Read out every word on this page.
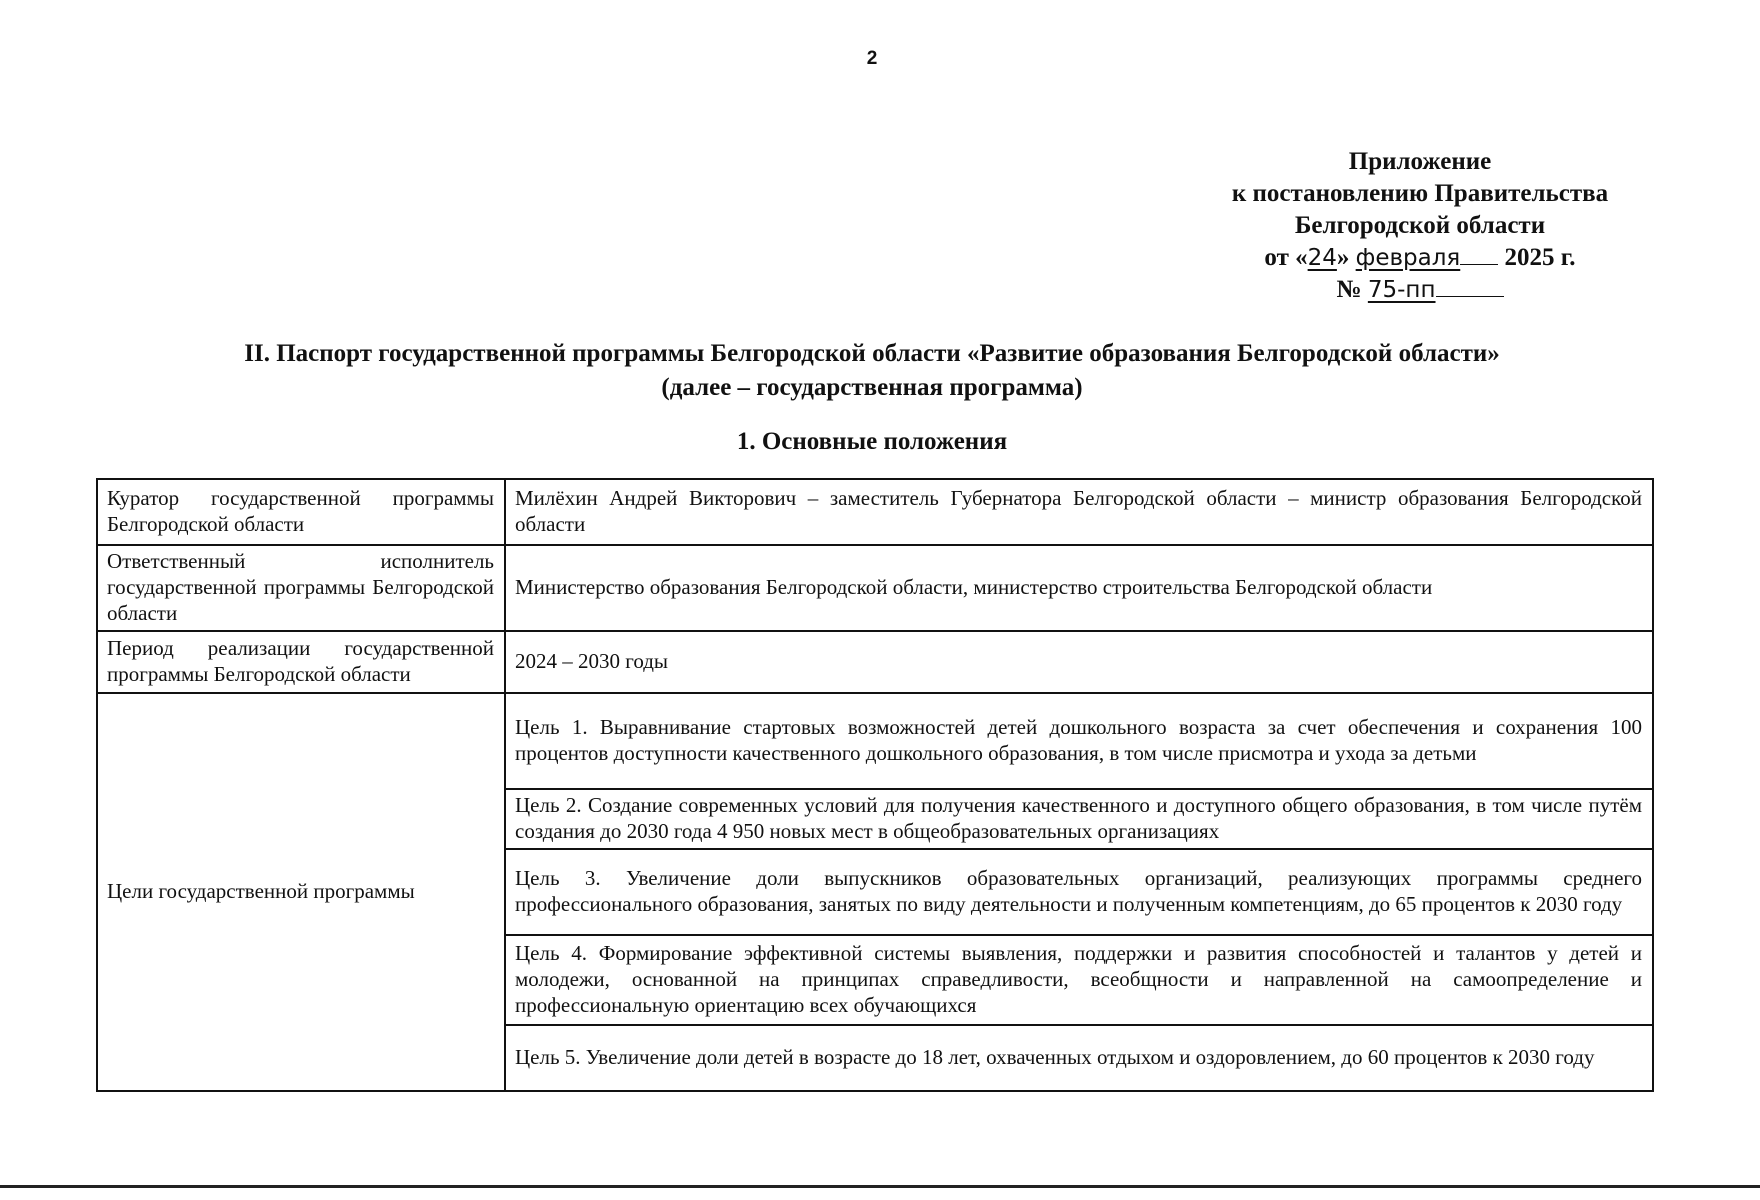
2
Приложение
к постановлению Правительства
Белгородской области
от «24» февраля 2025 г.
№ 75-пп
II. Паспорт государственной программы Белгородской области «Развитие образования Белгородской области»
(далее – государственная программа)
1. Основные положения
Куратор государственной программы Белгородской области	Милёхин Андрей Викторович – заместитель Губернатора Белгородской области – министр образования Белгородской области
Ответственный исполнитель государственной программы Белгородской области	Министерство образования Белгородской области, министерство строительства Белгородской области
Период реализации государственной программы Белгородской области	2024 – 2030 годы
Цели государственной программы	Цель 1. Выравнивание стартовых возможностей детей дошкольного возраста за счет обеспечения и сохранения 100 процентов доступности качественного дошкольного образования, в том числе присмотра и ухода за детьми
	Цель 2. Создание современных условий для получения качественного и доступного общего образования, в том числе путём создания до 2030 года 4 950 новых мест в общеобразовательных организациях
	Цель 3. Увеличение доли выпускников образовательных организаций, реализующих программы среднего профессионального образования, занятых по виду деятельности и полученным компетенциям, до 65 процентов к 2030 году
	Цель 4. Формирование эффективной системы выявления, поддержки и развития способностей и талантов у детей и молодежи, основанной на принципах справедливости, всеобщности и направленной на самоопределение и профессиональную ориентацию всех обучающихся
	Цель 5. Увеличение доли детей в возрасте до 18 лет, охваченных отдыхом и оздоровлением, до 60 процентов к 2030 году
